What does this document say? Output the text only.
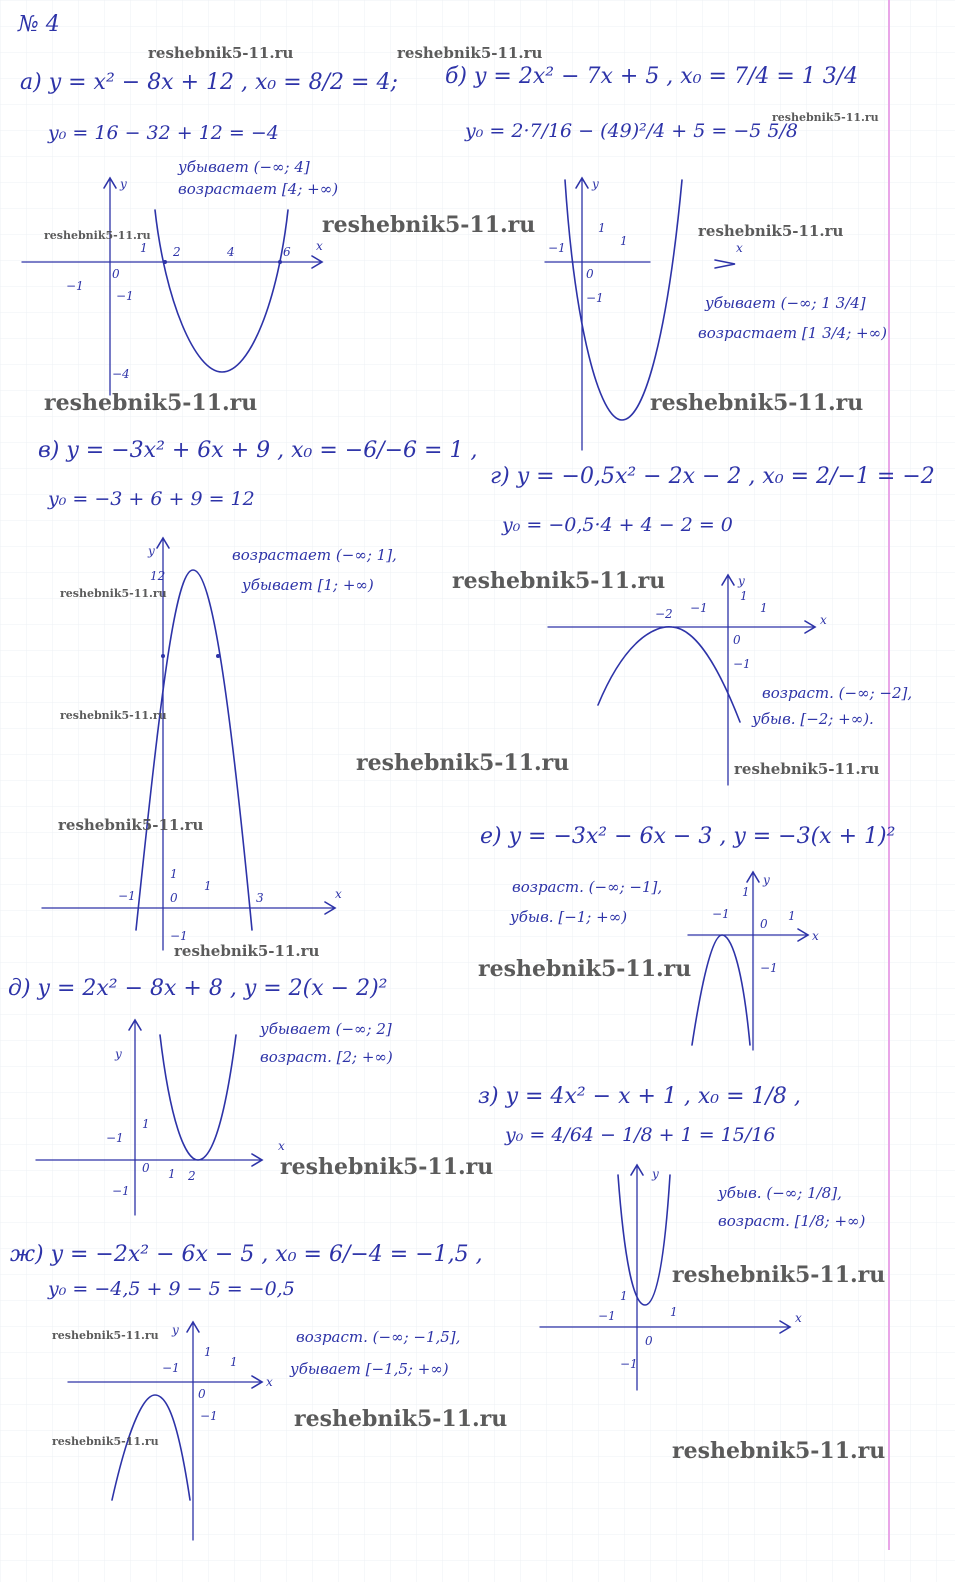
y
x
−1
0
1 2	4	6
−1
−4
y
x
−1
1
1
0
−1
y
x
12
−1	0
1
3
1
−1
y
x
−2 −1	1
0
−1
1
y
x
−1
0
1
1
−1
y
x
−1
0 1 2
1
−1
y
x
−1
1
1
0
−1
y
x
−1
1
1
0
−1
№ 4
а) y = x² − 8x + 12 , x₀ = 8/2 = 4;
y₀ = 16 − 32 + 12 = −4
убывает (−∞; 4]
возрастает [4; +∞)
б) y = 2x² − 7x + 5 , x₀ = 7/4 = 1 3/4
y₀ = 2·7/16 − (49)²/4 + 5 = −5 5/8
убывает (−∞; 1 3/4]
возрастает [1 3/4; +∞)
в) y = −3x² + 6x + 9 , x₀ = −6/−6 = 1 ,
y₀ = −3 + 6 + 9 = 12
возрастает (−∞; 1],
убывает [1; +∞)
г) y = −0,5x² − 2x − 2 , x₀ = 2/−1 = −2
y₀ = −0,5·4 + 4 − 2 = 0
возраст. (−∞; −2],
убыв. [−2; +∞).
е) y = −3x² − 6x − 3 , y = −3(x + 1)²
возраст. (−∞; −1],
убыв. [−1; +∞)
д) y = 2x² − 8x + 8 , y = 2(x − 2)²
убывает (−∞; 2]
возраст. [2; +∞)
з) y = 4x² − x + 1 , x₀ = 1/8 ,
y₀ = 4/64 − 1/8 + 1 = 15/16
убыв. (−∞; 1/8],
возраст. [1/8; +∞)
ж) y = −2x² − 6x − 5 , x₀ = 6/−4 = −1,5 ,
y₀ = −4,5 + 9 − 5 = −0,5
возраст. (−∞; −1,5],
убывает [−1,5; +∞)
reshebnik5-11.ru	reshebnik5-11.ru
reshebnik5-11.ru
reshebnik5-11.ru	reshebnik5-11.ru	reshebnik5-11.ru
reshebnik5-11.ru	reshebnik5-11.ru
reshebnik5-11.ru
reshebnik5-11.ru
reshebnik5-11.ru
reshebnik5-11.ru	reshebnik5-11.ru
reshebnik5-11.ru
reshebnik5-11.ru
reshebnik5-11.ru
reshebnik5-11.ru
reshebnik5-11.ru
reshebnik5-11.ru
reshebnik5-11.ru
reshebnik5-11.ru	reshebnik5-11.ru
